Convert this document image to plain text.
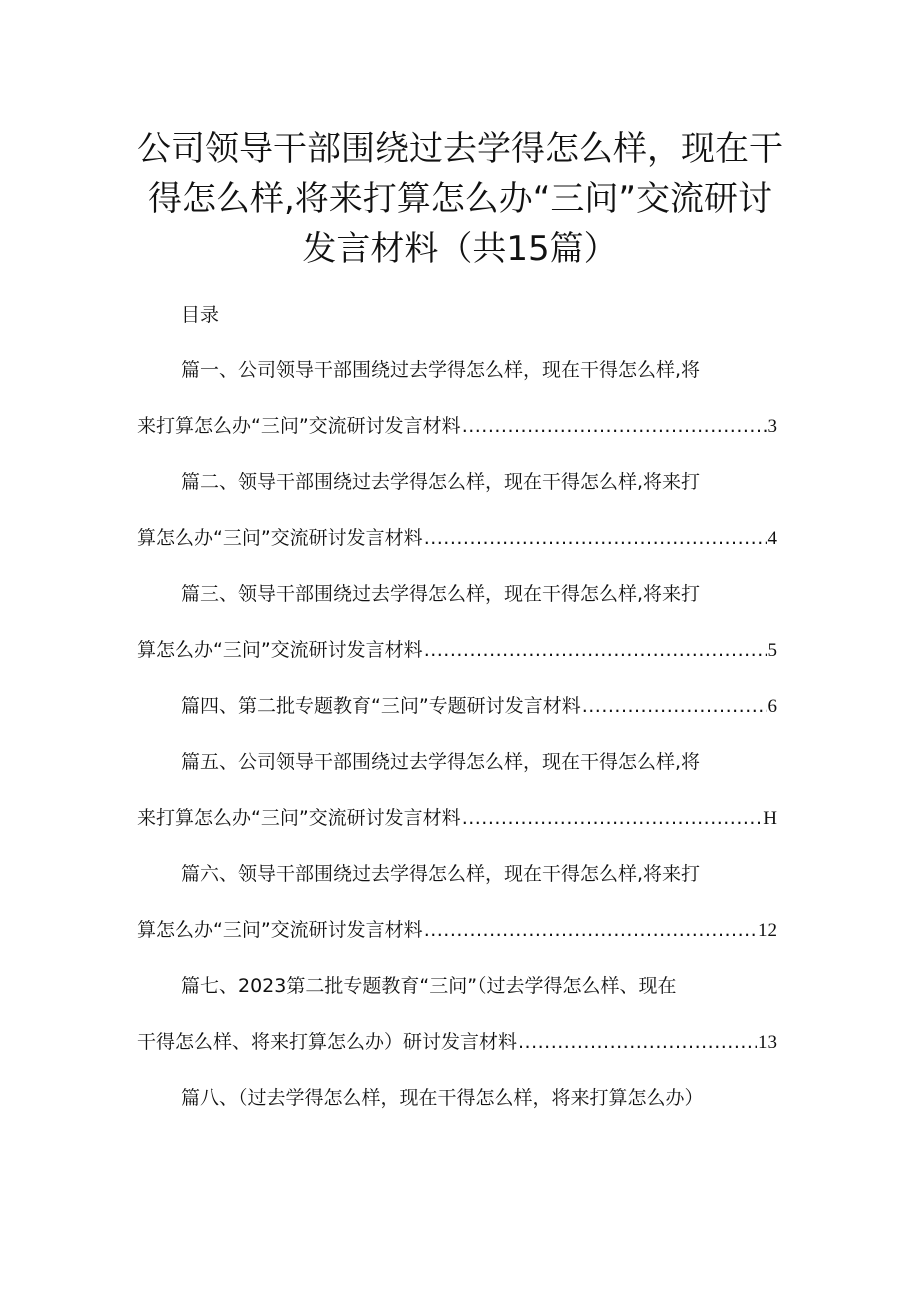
公司领导干部围绕过去学得怎么样，现在干
得怎么样,将来打算怎么办“三问”交流研讨
发言材料（共15篇）
目录
篇一、公司领导干部围绕过去学得怎么样，现在干得怎么样,将
来打算怎么办“三问”交流研讨发言材料 .....	3
篇二、领导干部围绕过去学得怎么样，现在干得怎么样,将来打
算怎么办“三问”交流研讨发言材料 .....	4
篇三、领导干部围绕过去学得怎么样，现在干得怎么样,将来打
算怎么办“三问”交流研讨发言材料 .....	5
篇四、第二批专题教育“三问”专题研讨发言材料 .....	6
篇五、公司领导干部围绕过去学得怎么样，现在干得怎么样,将
来打算怎么办“三问”交流研讨发言材料 .....	H
篇六、领导干部围绕过去学得怎么样，现在干得怎么样,将来打
算怎么办“三问”交流研讨发言材料 .....	12
篇七、2023第二批专题教育“三问”（过去学得怎么样、现在
干得怎么样、将来打算怎么办）研讨发言材料 .....	13
篇八、（过去学得怎么样，现在干得怎么样，将来打算怎么办）
